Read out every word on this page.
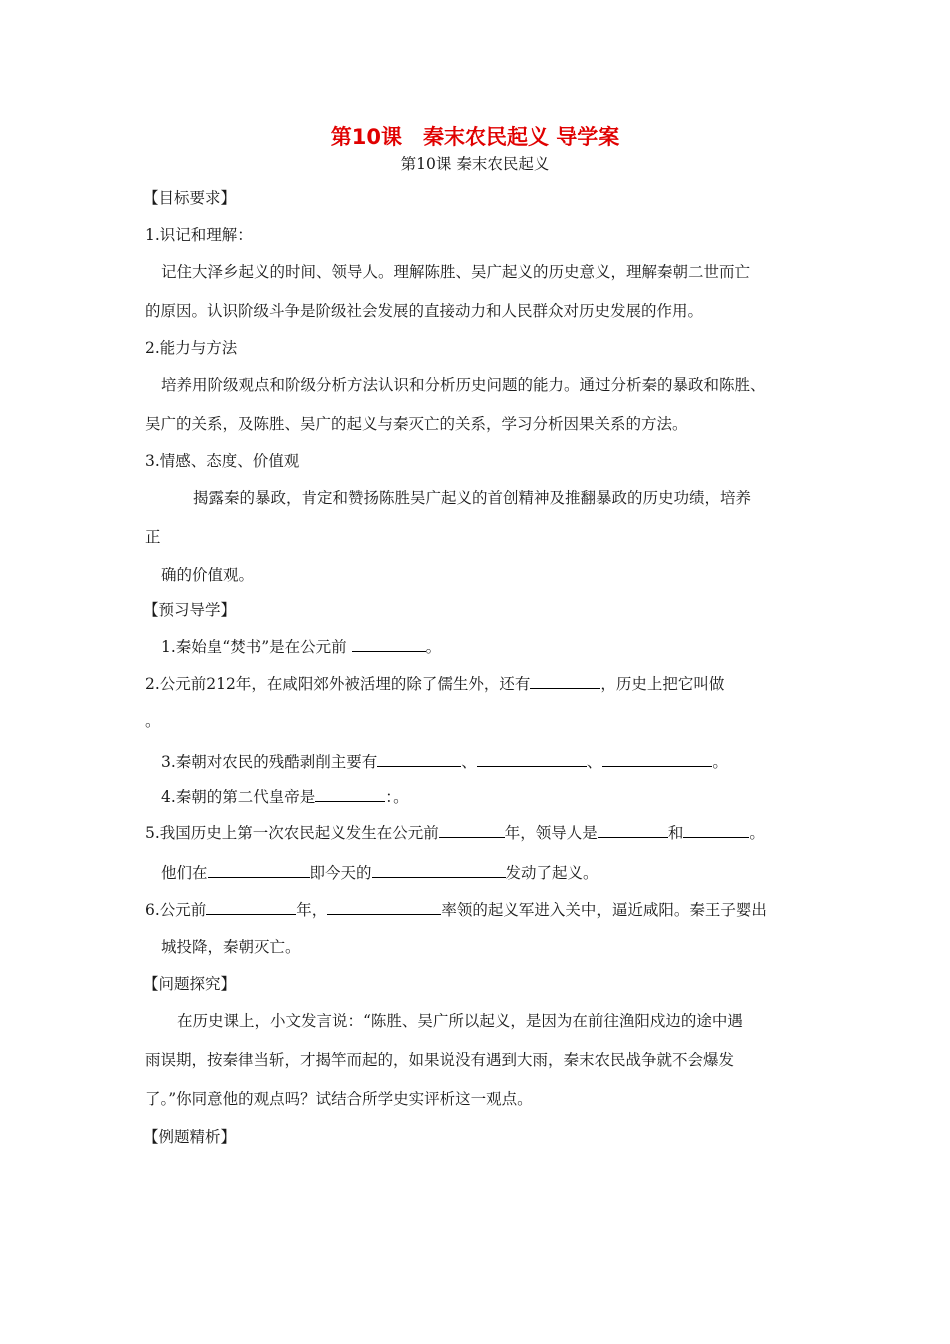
第10课　秦末农民起义 导学案
第10课 秦末农民起义
【目标要求】
1.识记和理解：
记住大泽乡起义的时间、领导人。理解陈胜、吴广起义的历史意义，理解秦朝二世而亡
的原因。认识阶级斗争是阶级社会发展的直接动力和人民群众对历史发展的作用。
2.能力与方法
培养用阶级观点和阶级分析方法认识和分析历史问题的能力。通过分析秦的暴政和陈胜、
吴广的关系，及陈胜、吴广的起义与秦灭亡的关系，学习分析因果关系的方法。
3.情感、态度、价值观
揭露秦的暴政，肯定和赞扬陈胜吴广起义的首创精神及推翻暴政的历史功绩，培养
正
确的价值观。
【预习导学】
1.秦始皇“焚书”是在公元前	。
2.公元前212年，在咸阳郊外被活埋的除了儒生外，还有	，历史上把它叫做
。
3.秦朝对农民的残酷剥削主要有	、	、	。
4.秦朝的第二代皇帝是	：。
5.我国历史上第一次农民起义发生在公元前	年，领导人是	和	。
他们在	即今天的	发动了起义。
6.公元前	年，	率领的起义军进入关中，逼近咸阳。秦王子婴出
城投降，秦朝灭亡。
【问题探究】
在历史课上，小文发言说：“陈胜、吴广所以起义，是因为在前往渔阳戍边的途中遇
雨误期，按秦律当斩，才揭竿而起的，如果说没有遇到大雨，秦末农民战争就不会爆发
了。”你同意他的观点吗？试结合所学史实评析这一观点。
【例题精析】
